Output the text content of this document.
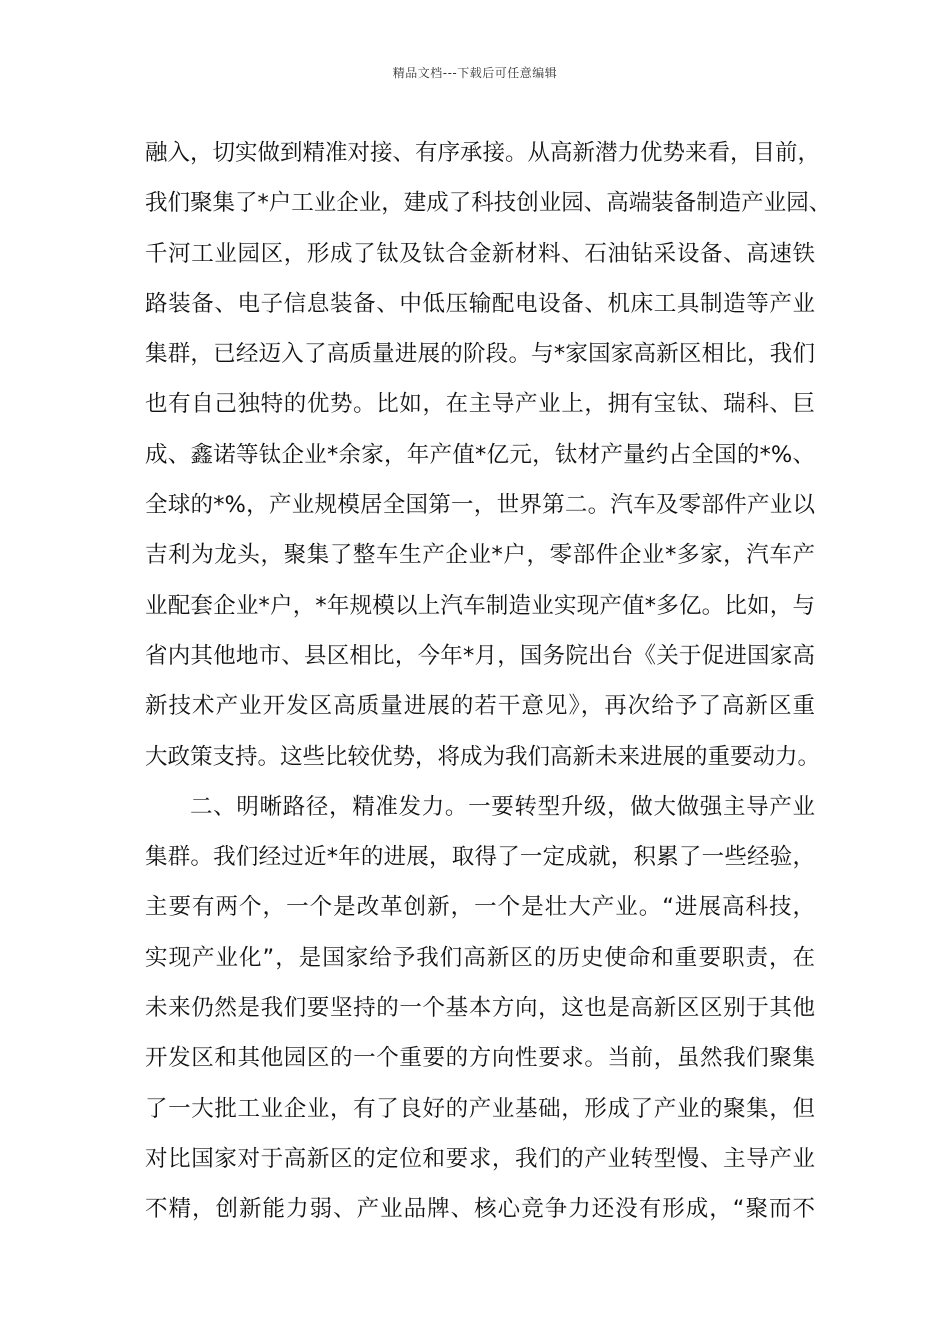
精品文档---下载后可任意编辑
融入，切实做到精准对接、有序承接。从高新潜力优势来看，目前，
我们聚集了*户工业企业，建成了科技创业园、高端装备制造产业园、
千河工业园区，形成了钛及钛合金新材料、石油钻采设备、高速铁
路装备、电子信息装备、中低压输配电设备、机床工具制造等产业
集群，已经迈入了高质量进展的阶段。与*家国家高新区相比，我们
也有自己独特的优势。比如，在主导产业上，拥有宝钛、瑞科、巨
成、鑫诺等钛企业*余家，年产值*亿元，钛材产量约占全国的*%、
全球的*%，产业规模居全国第一，世界第二。汽车及零部件产业以
吉利为龙头，聚集了整车生产企业*户，零部件企业*多家，汽车产
业配套企业*户，*年规模以上汽车制造业实现产值*多亿。比如，与
省内其他地市、县区相比，今年*月，国务院出台《关于促进国家高
新技术产业开发区高质量进展的若干意见》，再次给予了高新区重
大政策支持。这些比较优势，将成为我们高新未来进展的重要动力。
二、明晰路径，精准发力。一要转型升级，做大做强主导产业
集群。我们经过近*年的进展，取得了一定成就，积累了一些经验，
主要有两个，一个是改革创新，一个是壮大产业。“进展高科技，
实现产业化”，是国家给予我们高新区的历史使命和重要职责，在
未来仍然是我们要坚持的一个基本方向，这也是高新区区别于其他
开发区和其他园区的一个重要的方向性要求。当前，虽然我们聚集
了一大批工业企业，有了良好的产业基础，形成了产业的聚集，但
对比国家对于高新区的定位和要求，我们的产业转型慢、主导产业
不精，创新能力弱、产业品牌、核心竞争力还没有形成，“聚而不
